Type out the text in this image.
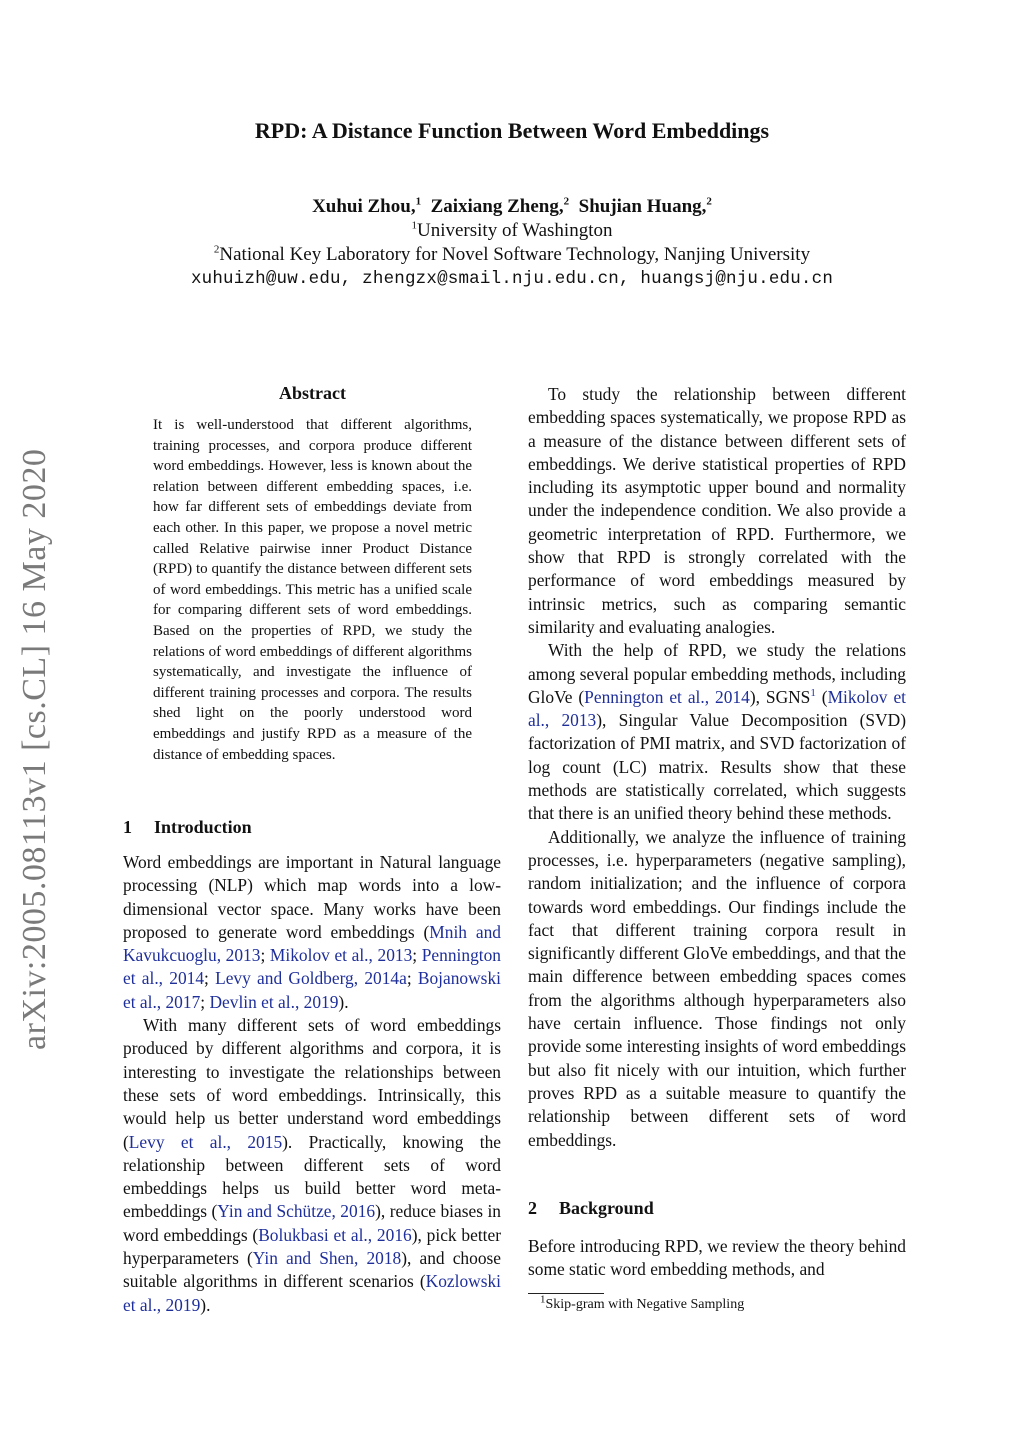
arXiv:2005.08113v1 [cs.CL] 16 May 2020
RPD: A Distance Function Between Word Embeddings
Xuhui Zhou,$^1$ Zaixiang Zheng,$^2$ Shujian Huang,$^2$
$^1$University of Washington
$^2$National Key Laboratory for Novel Software Technology, Nanjing University
xuhuizh@uw.edu, zhengzx@smail.nju.edu.cn, huangsj@nju.edu.cn
Abstract
It is well-understood that different algorithms, training processes, and corpora produce different word embeddings. However, less is known about the relation between different embedding spaces, i.e. how far different sets of embeddings deviate from each other. In this paper, we propose a novel metric called Relative pairwise inner Product Distance (RPD) to quantify the distance between different sets of word embeddings. This metric has a unified scale for comparing different sets of word embeddings. Based on the properties of RPD, we study the relations of word embeddings of different algorithms systematically, and investigate the influence of different training processes and corpora. The results shed light on the poorly understood word embeddings and justify RPD as a measure of the distance of embedding spaces.
1 Introduction

Word embeddings are important in Natural language processing (NLP) which map words into a low-dimensional vector space. Many works have been proposed to generate word embeddings (Mnih and Kavukcuoglu, 2013; Mikolov et al., 2013; Pennington et al., 2014; Levy and Goldberg, 2014a; Bojanowski et al., 2017; Devlin et al., 2019).

With many different sets of word embeddings produced by different algorithms and corpora, it is interesting to investigate the relationships between these sets of word embeddings. Intrinsically, this would help us better understand word embeddings (Levy et al., 2015). Practically, knowing the relationship between different sets of word embeddings helps us build better word meta-embeddings (Yin and Schütze, 2016), reduce biases in word embeddings (Bolukbasi et al., 2016), pick better hyperparameters (Yin and Shen, 2018), and choose suitable algorithms in different scenarios (Kozlowski et al., 2019).

To study the relationship between different embedding spaces systematically, we propose RPD as a measure of the distance between different sets of embeddings. We derive statistical properties of RPD including its asymptotic upper bound and normality under the independence condition. We also provide a geometric interpretation of RPD. Furthermore, we show that RPD is strongly correlated with the performance of word embeddings measured by intrinsic metrics, such as comparing semantic similarity and evaluating analogies.

With the help of RPD, we study the relations among several popular embedding methods, including GloVe (Pennington et al., 2014), SGNS$^1$ (Mikolov et al., 2013), Singular Value Decomposition (SVD) factorization of PMI matrix, and SVD factorization of log count (LC) matrix. Results show that these methods are statistically correlated, which suggests that there is an unified theory behind these methods.

Additionally, we analyze the influence of training processes, i.e. hyperparameters (negative sampling), random initialization; and the influence of corpora towards word embeddings. Our findings include the fact that different training corpora result in significantly different GloVe embeddings, and that the main difference between embedding spaces comes from the algorithms although hyperparameters also have certain influence. Those findings not only provide some interesting insights of word embeddings but also fit nicely with our intuition, which further proves RPD as a suitable measure to quantify the relationship between different sets of word embeddings.

2 Background

Before introducing RPD, we review the theory behind some static word embedding methods, and

$^1$Skip-gram with Negative Sampling
